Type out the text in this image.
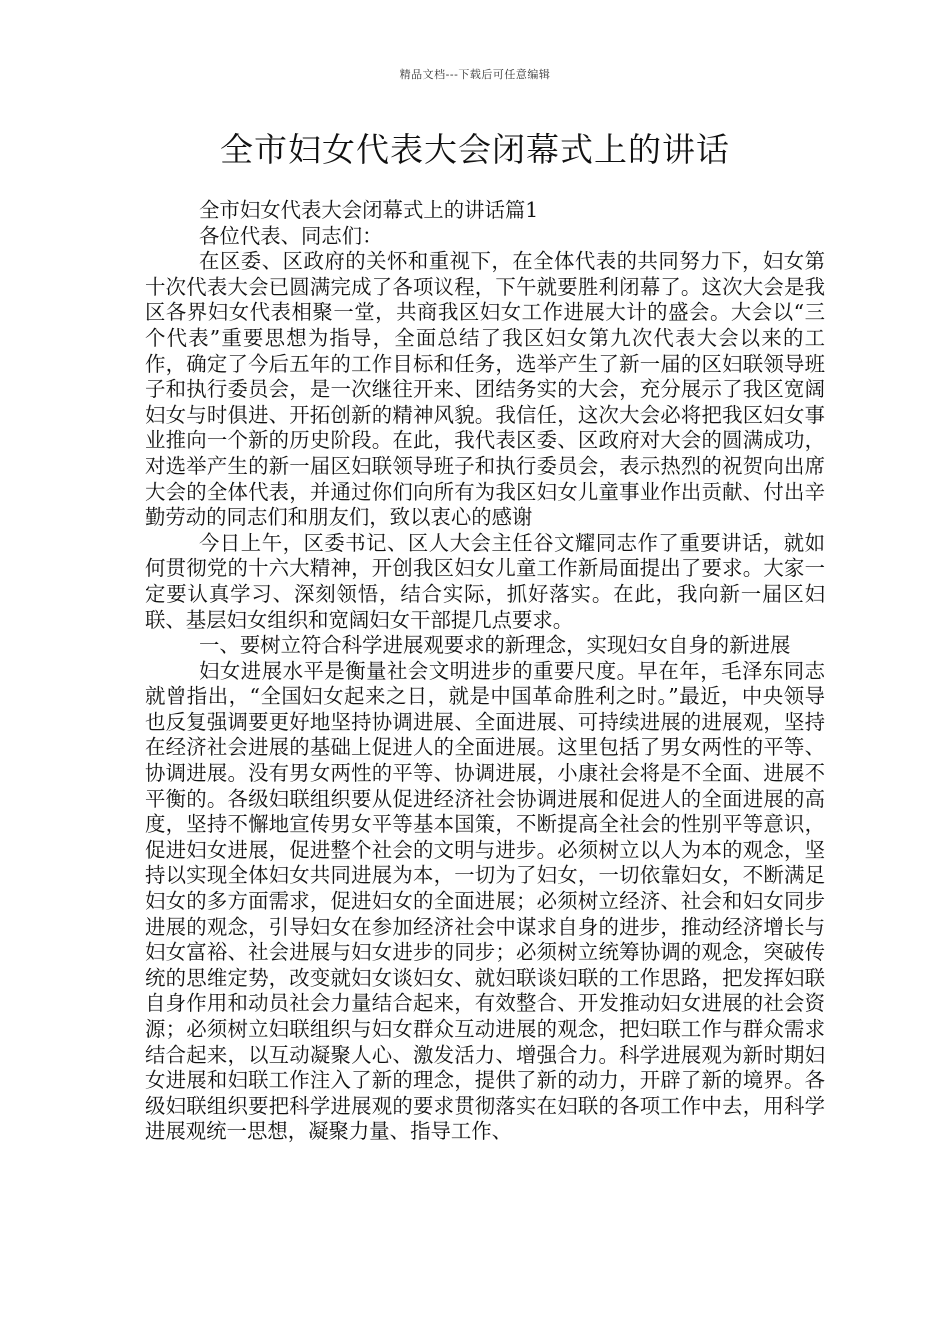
精品文档---下载后可任意编辑
全市妇女代表大会闭幕式上的讲话

全市妇女代表大会闭幕式上的讲话篇1

各位代表、同志们：

在区委、区政府的关怀和重视下，在全体代表的共同努力下，妇女第十次代表大会已圆满完成了各项议程，下午就要胜利闭幕了。这次大会是我区各界妇女代表相聚一堂，共商我区妇女工作进展大计的盛会。大会以“三个代表”重要思想为指导，全面总结了我区妇女第九次代表大会以来的工作，确定了今后五年的工作目标和任务，选举产生了新一届的区妇联领导班子和执行委员会，是一次继往开来、团结务实的大会，充分展示了我区宽阔妇女与时俱进、开拓创新的精神风貌。我信任，这次大会必将把我区妇女事业推向一个新的历史阶段。在此，我代表区委、区政府对大会的圆满成功，对选举产生的新一届区妇联领导班子和执行委员会，表示热烈的祝贺向出席大会的全体代表，并通过你们向所有为我区妇女儿童事业作出贡献、付出辛勤劳动的同志们和朋友们，致以衷心的感谢

今日上午，区委书记、区人大会主任谷文耀同志作了重要讲话，就如何贯彻党的十六大精神，开创我区妇女儿童工作新局面提出了要求。大家一定要认真学习、深刻领悟，结合实际，抓好落实。在此，我向新一届区妇联、基层妇女组织和宽阔妇女干部提几点要求。

一、要树立符合科学进展观要求的新理念，实现妇女自身的新进展

妇女进展水平是衡量社会文明进步的重要尺度。早在年，毛泽东同志就曾指出，“全国妇女起来之日，就是中国革命胜利之时。”最近，中央领导也反复强调要更好地坚持协调进展、全面进展、可持续进展的进展观，坚持在经济社会进展的基础上促进人的全面进展。这里包括了男女两性的平等、协调进展。没有男女两性的平等、协调进展，小康社会将是不全面、进展不平衡的。各级妇联组织要从促进经济社会协调进展和促进人的全面进展的高度，坚持不懈地宣传男女平等基本国策，不断提高全社会的性别平等意识，促进妇女进展，促进整个社会的文明与进步。必须树立以人为本的观念，坚持以实现全体妇女共同进展为本，一切为了妇女，一切依靠妇女，不断满足妇女的多方面需求，促进妇女的全面进展；必须树立经济、社会和妇女同步进展的观念，引导妇女在参加经济社会中谋求自身的进步，推动经济增长与妇女富裕、社会进展与妇女进步的同步；必须树立统筹协调的观念，突破传统的思维定势，改变就妇女谈妇女、就妇联谈妇联的工作思路，把发挥妇联自身作用和动员社会力量结合起来，有效整合、开发推动妇女进展的社会资源；必须树立妇联组织与妇女群众互动进展的观念，把妇联工作与群众需求结合起来，以互动凝聚人心、激发活力、增强合力。科学进展观为新时期妇女进展和妇联工作注入了新的理念，提供了新的动力，开辟了新的境界。各级妇联组织要把科学进展观的要求贯彻落实在妇联的各项工作中去，用科学进展观统一思想，凝聚力量、指导工作、
